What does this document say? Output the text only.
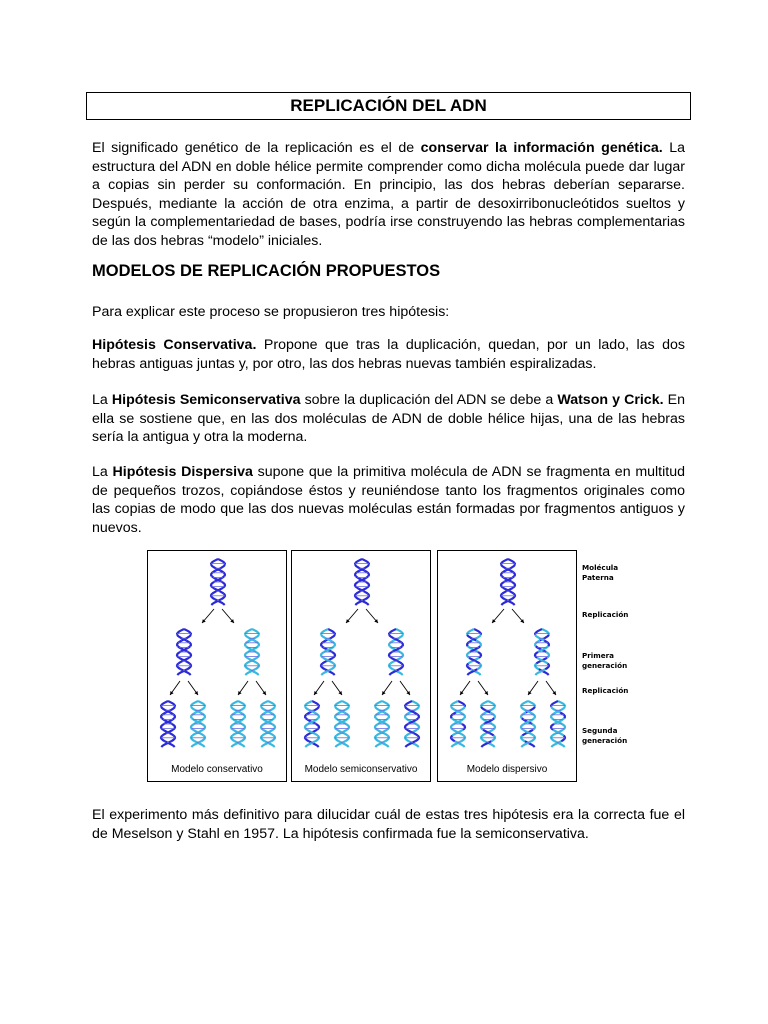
REPLICACIÓN DEL ADN

El significado genético de la replicación es el de conservar la información genética. La estructura del ADN en doble hélice permite comprender como dicha molécula puede dar lugar a copias sin perder su conformación. En principio, las dos hebras deberían separarse. Después, mediante la acción de otra enzima, a partir de desoxirribonucleótidos sueltos y según la complementariedad de bases, podría irse construyendo las hebras complementarias de las dos hebras “modelo” iniciales.

MODELOS DE REPLICACIÓN PROPUESTOS

Para explicar este proceso se propusieron tres hipótesis:

Hipótesis Conservativa. Propone que tras la duplicación, quedan, por un lado, las dos hebras antiguas juntas y, por otro, las dos hebras nuevas también espiralizadas.

La Hipótesis Semiconservativa sobre la duplicación del ADN se debe a Watson y Crick. En ella se sostiene que, en las dos moléculas de ADN de doble hélice hijas, una de las hebras sería la antigua y otra la moderna.

La Hipótesis Dispersiva supone que la primitiva molécula de ADN se fragmenta en multitud de pequeños trozos, copiándose éstos y reuniéndose tanto los fragmentos originales como las copias de modo que las dos nuevas moléculas están formadas por fragmentos antiguos y nuevos.

Modelo conservativo	Modelo semiconservativo	Modelo dispersivo
Molécula Paterna
Replicación
Primera generación
Replicación
Segunda generación

El experimento más definitivo para dilucidar cuál de estas tres hipótesis era la correcta fue el de Meselson y Stahl en 1957. La hipótesis confirmada fue la semiconservativa.
